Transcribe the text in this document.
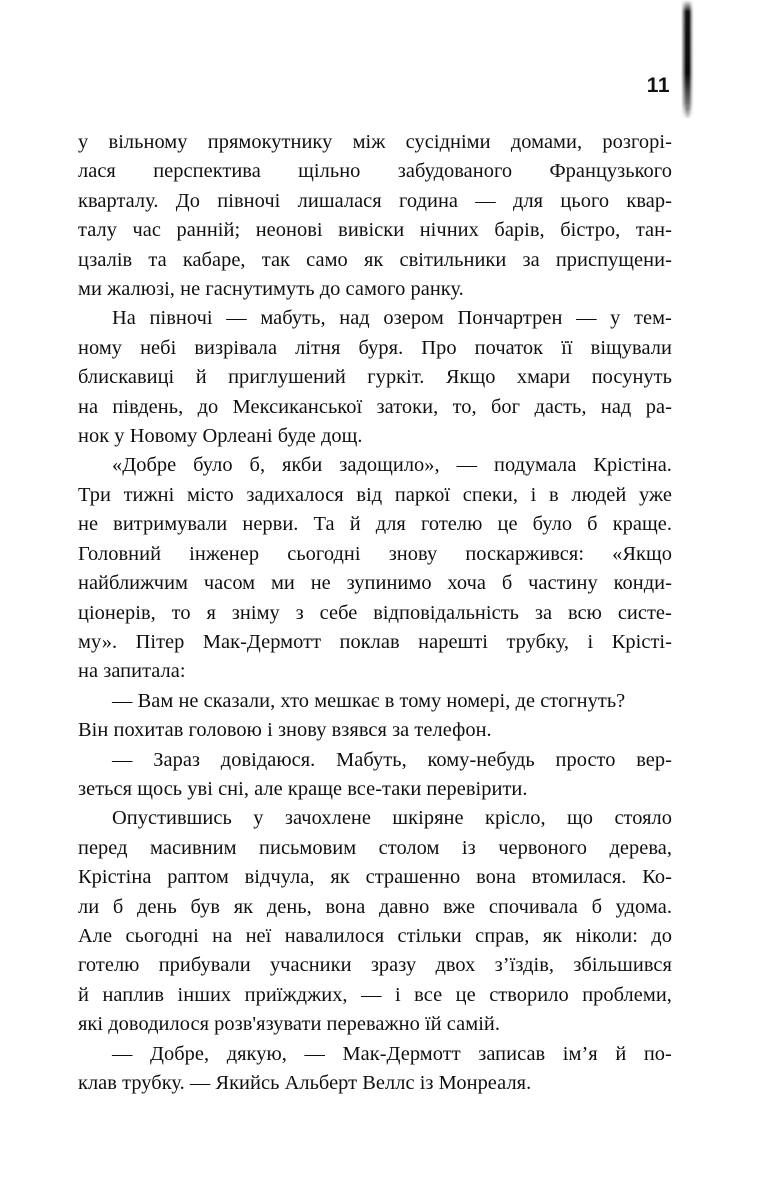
11
у вільному прямокутнику між сусідніми домами, розгорі-
лася перспектива щільно забудованого Французького
кварталу. До півночі лишалася година — для цього квар-
талу час ранній; неонові вивіски нічних барів, бістро, тан-
цзалів та кабаре, так само як світильники за приспущени-
ми жалюзі, не гаснутимуть до самого ранку.
На півночі — мабуть, над озером Пончартрен — у тем-
ному небі визрівала літня буря. Про початок її віщували
блискавиці й приглушений гуркіт. Якщо хмари посунуть
на південь, до Мексиканської затоки, то, бог дасть, над ра-
нок у Новому Орлеані буде дощ.
«Добре було б, якби задощило», — подумала Крістіна.
Три тижні місто задихалося від паркої спеки, і в людей уже
не витримували нерви. Та й для готелю це було б краще.
Головний інженер сьогодні знову поскаржився: «Якщо
найближчим часом ми не зупинимо хоча б частину конди-
ціонерів, то я зніму з себе відповідальність за всю систе-
му». Пітер Мак-Дермотт поклав нарешті трубку, і Крісті-
на запитала:
— Вам не сказали, хто мешкає в тому номері, де стогнуть?
Він похитав головою і знову взявся за телефон.
— Зараз довідаюся. Мабуть, кому-небудь просто вер-
зеться щось уві сні, але краще все-таки перевірити.
Опустившись у зачохлене шкіряне крісло, що стояло
перед масивним письмовим столом із червоного дерева,
Крістіна раптом відчула, як страшенно вона втомилася. Ко-
ли б день був як день, вона давно вже спочивала б удома.
Але сьогодні на неї навалилося стільки справ, як ніколи: до
готелю прибували учасники зразу двох з’їздів, збільшився
й наплив інших приїжджих, — і все це створило проблеми,
які доводилося розв'язувати переважно їй самій.
— Добре, дякую, — Мак-Дермотт записав ім’я й по-
клав трубку. — Якийсь Альберт Веллс із Монреаля.
